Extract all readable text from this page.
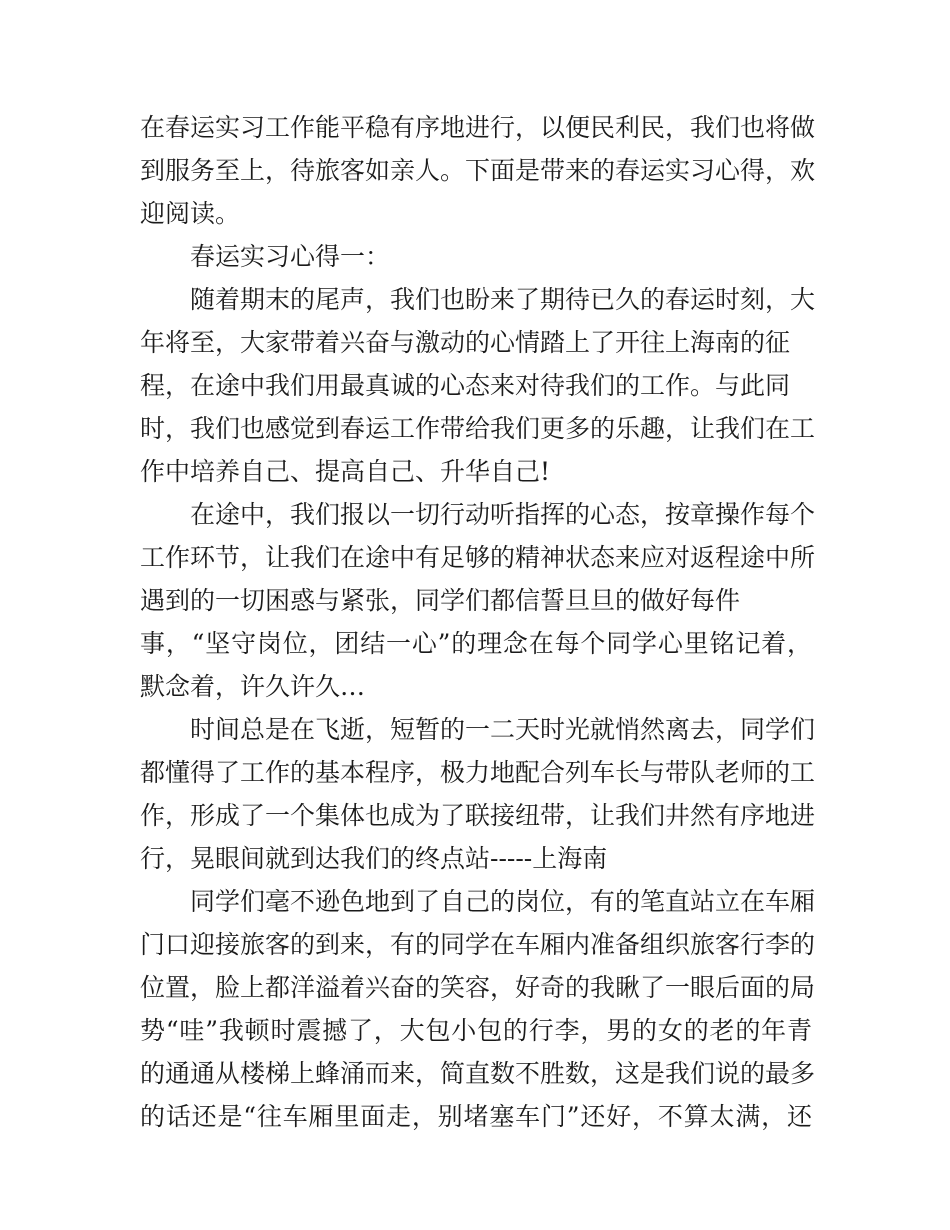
在春运实习工作能平稳有序地进行，以便民利民，我们也将做
到服务至上，待旅客如亲人。下面是带来的春运实习心得，欢
迎阅读。
春运实习心得一：
随着期末的尾声，我们也盼来了期待已久的春运时刻，大
年将至，大家带着兴奋与激动的心情踏上了开往上海南的征
程，在途中我们用最真诚的心态来对待我们的工作。与此同
时，我们也感觉到春运工作带给我们更多的乐趣，让我们在工
作中培养自己、提高自己、升华自己!
在途中，我们报以一切行动听指挥的心态，按章操作每个
工作环节，让我们在途中有足够的精神状态来应对返程途中所
遇到的一切困惑与紧张，同学们都信誓旦旦的做好每件
事，“坚守岗位，团结一心”的理念在每个同学心里铭记着，
默念着，许久许久…
时间总是在飞逝，短暂的一二天时光就悄然离去，同学们
都懂得了工作的基本程序，极力地配合列车长与带队老师的工
作，形成了一个集体也成为了联接纽带，让我们井然有序地进
行，晃眼间就到达我们的终点站-----上海南
同学们毫不逊色地到了自己的岗位，有的笔直站立在车厢
门口迎接旅客的到来，有的同学在车厢内准备组织旅客行李的
位置，脸上都洋溢着兴奋的笑容，好奇的我瞅了一眼后面的局
势“哇”我顿时震撼了，大包小包的行李，男的女的老的年青
的通通从楼梯上蜂涌而来，简直数不胜数，这是我们说的最多
的话还是“往车厢里面走，别堵塞车门”还好，不算太满，还
